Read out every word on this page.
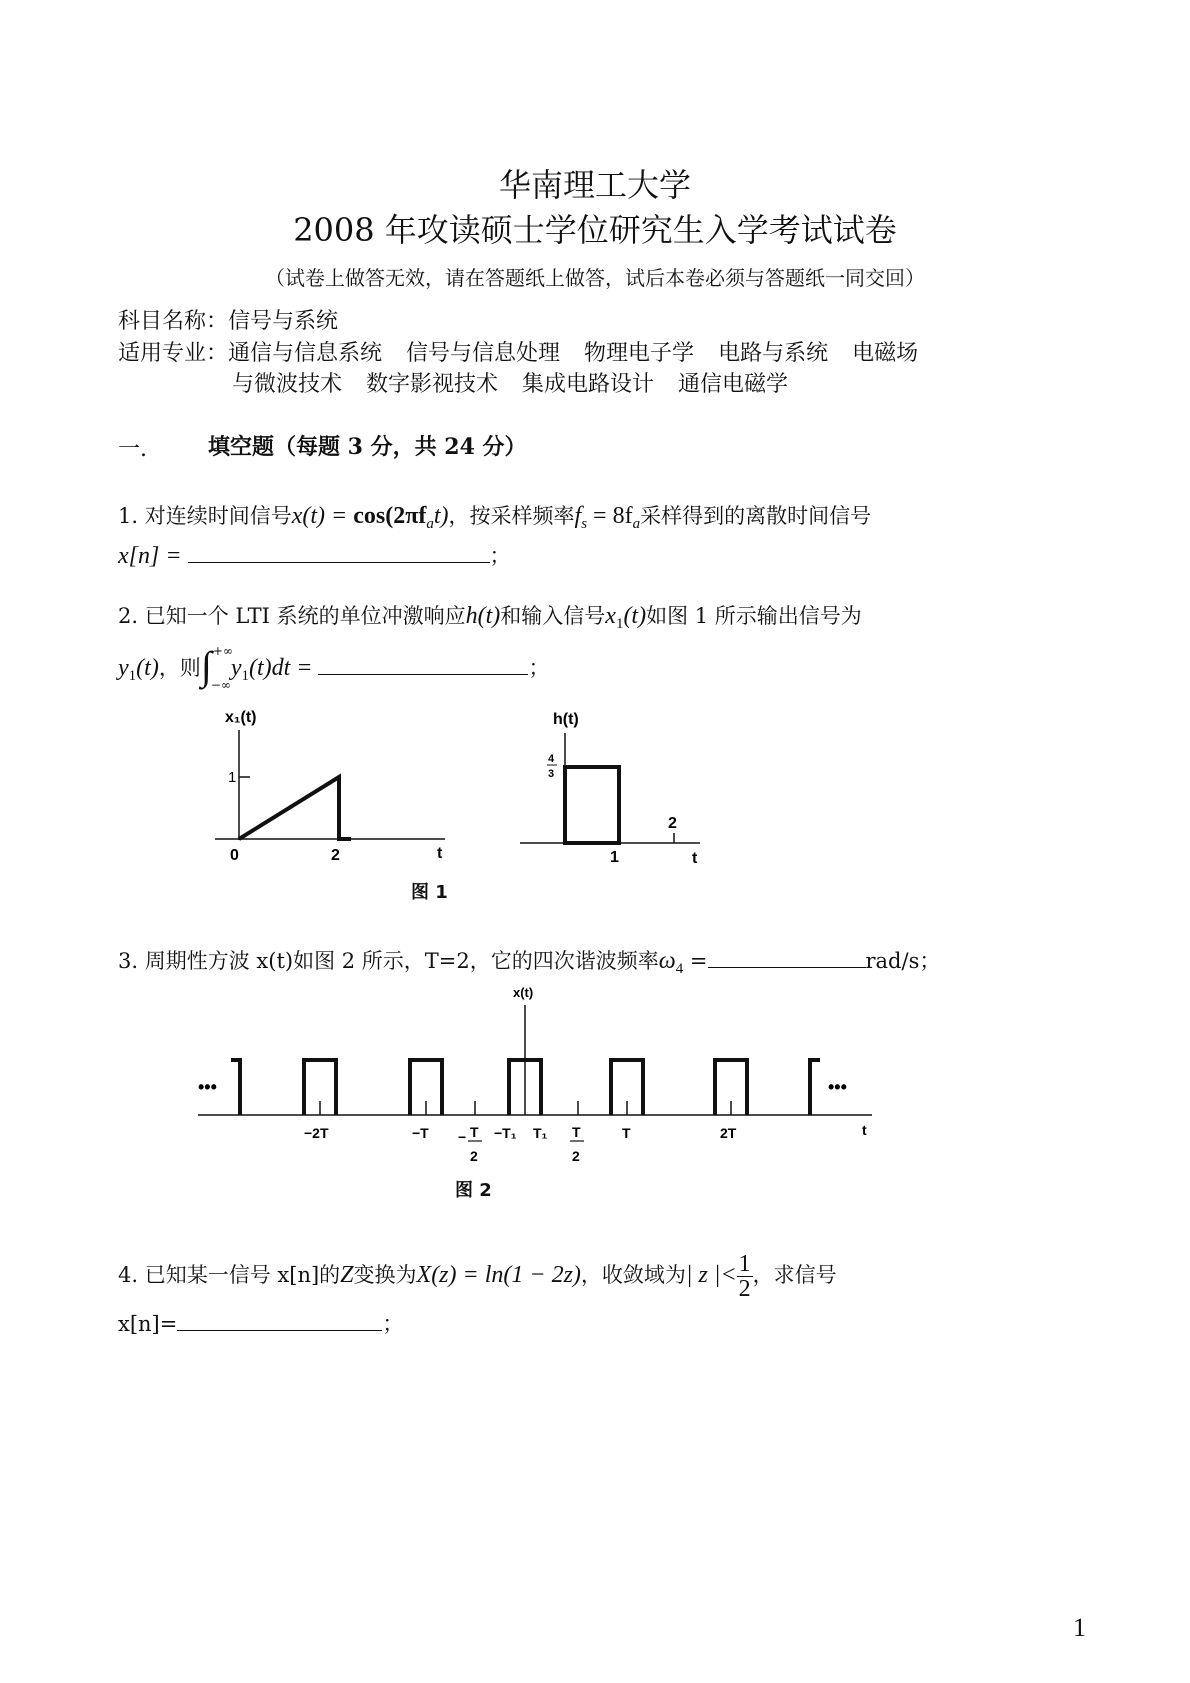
华南理工大学
2008 年攻读硕士学位研究生入学考试试卷
（试卷上做答无效，请在答题纸上做答，试后本卷必须与答题纸一同交回）
科目名称：信号与系统
适用专业：通信与信息系统 信号与信息处理 物理电子学 电路与系统 电磁场
与微波技术 数字影视技术 集成电路设计 通信电磁学
一.	填空题（每题 3 分，共 24 分）
1. 对连续时间信号$x(t) = \cos(2\pi f_at)$，按采样频率$f_s = 8f_a$采样得到的离散时间信号
x[n] =	；
2. 已知一个 LTI 系统的单位冲激响应h(t)和输入信号$x_1(t)$如图 1 所示输出信号为
$y_1(t)$，则 ∫ +∞
−∞
$y_1(t)dt$ =	；
x₁(t)
1
0	2	t
h(t)
4
3
1
2
t
图 1
3. 周期性方波 x(t)如图 2 所示，T=2，它的四次谐波频率$\omega_4$ =	rad/s；
x(t)
•••	•••
−2T	−T − T
2
−T₁ T₁ T
2
T	2T	t
图 2
4. 已知某一信号 x[n]的Z变换为X(z) = ln(1 − 2z)，收敛域为| z |< $\frac{1}{2}$ ，求信号
x[n]=	；
1
